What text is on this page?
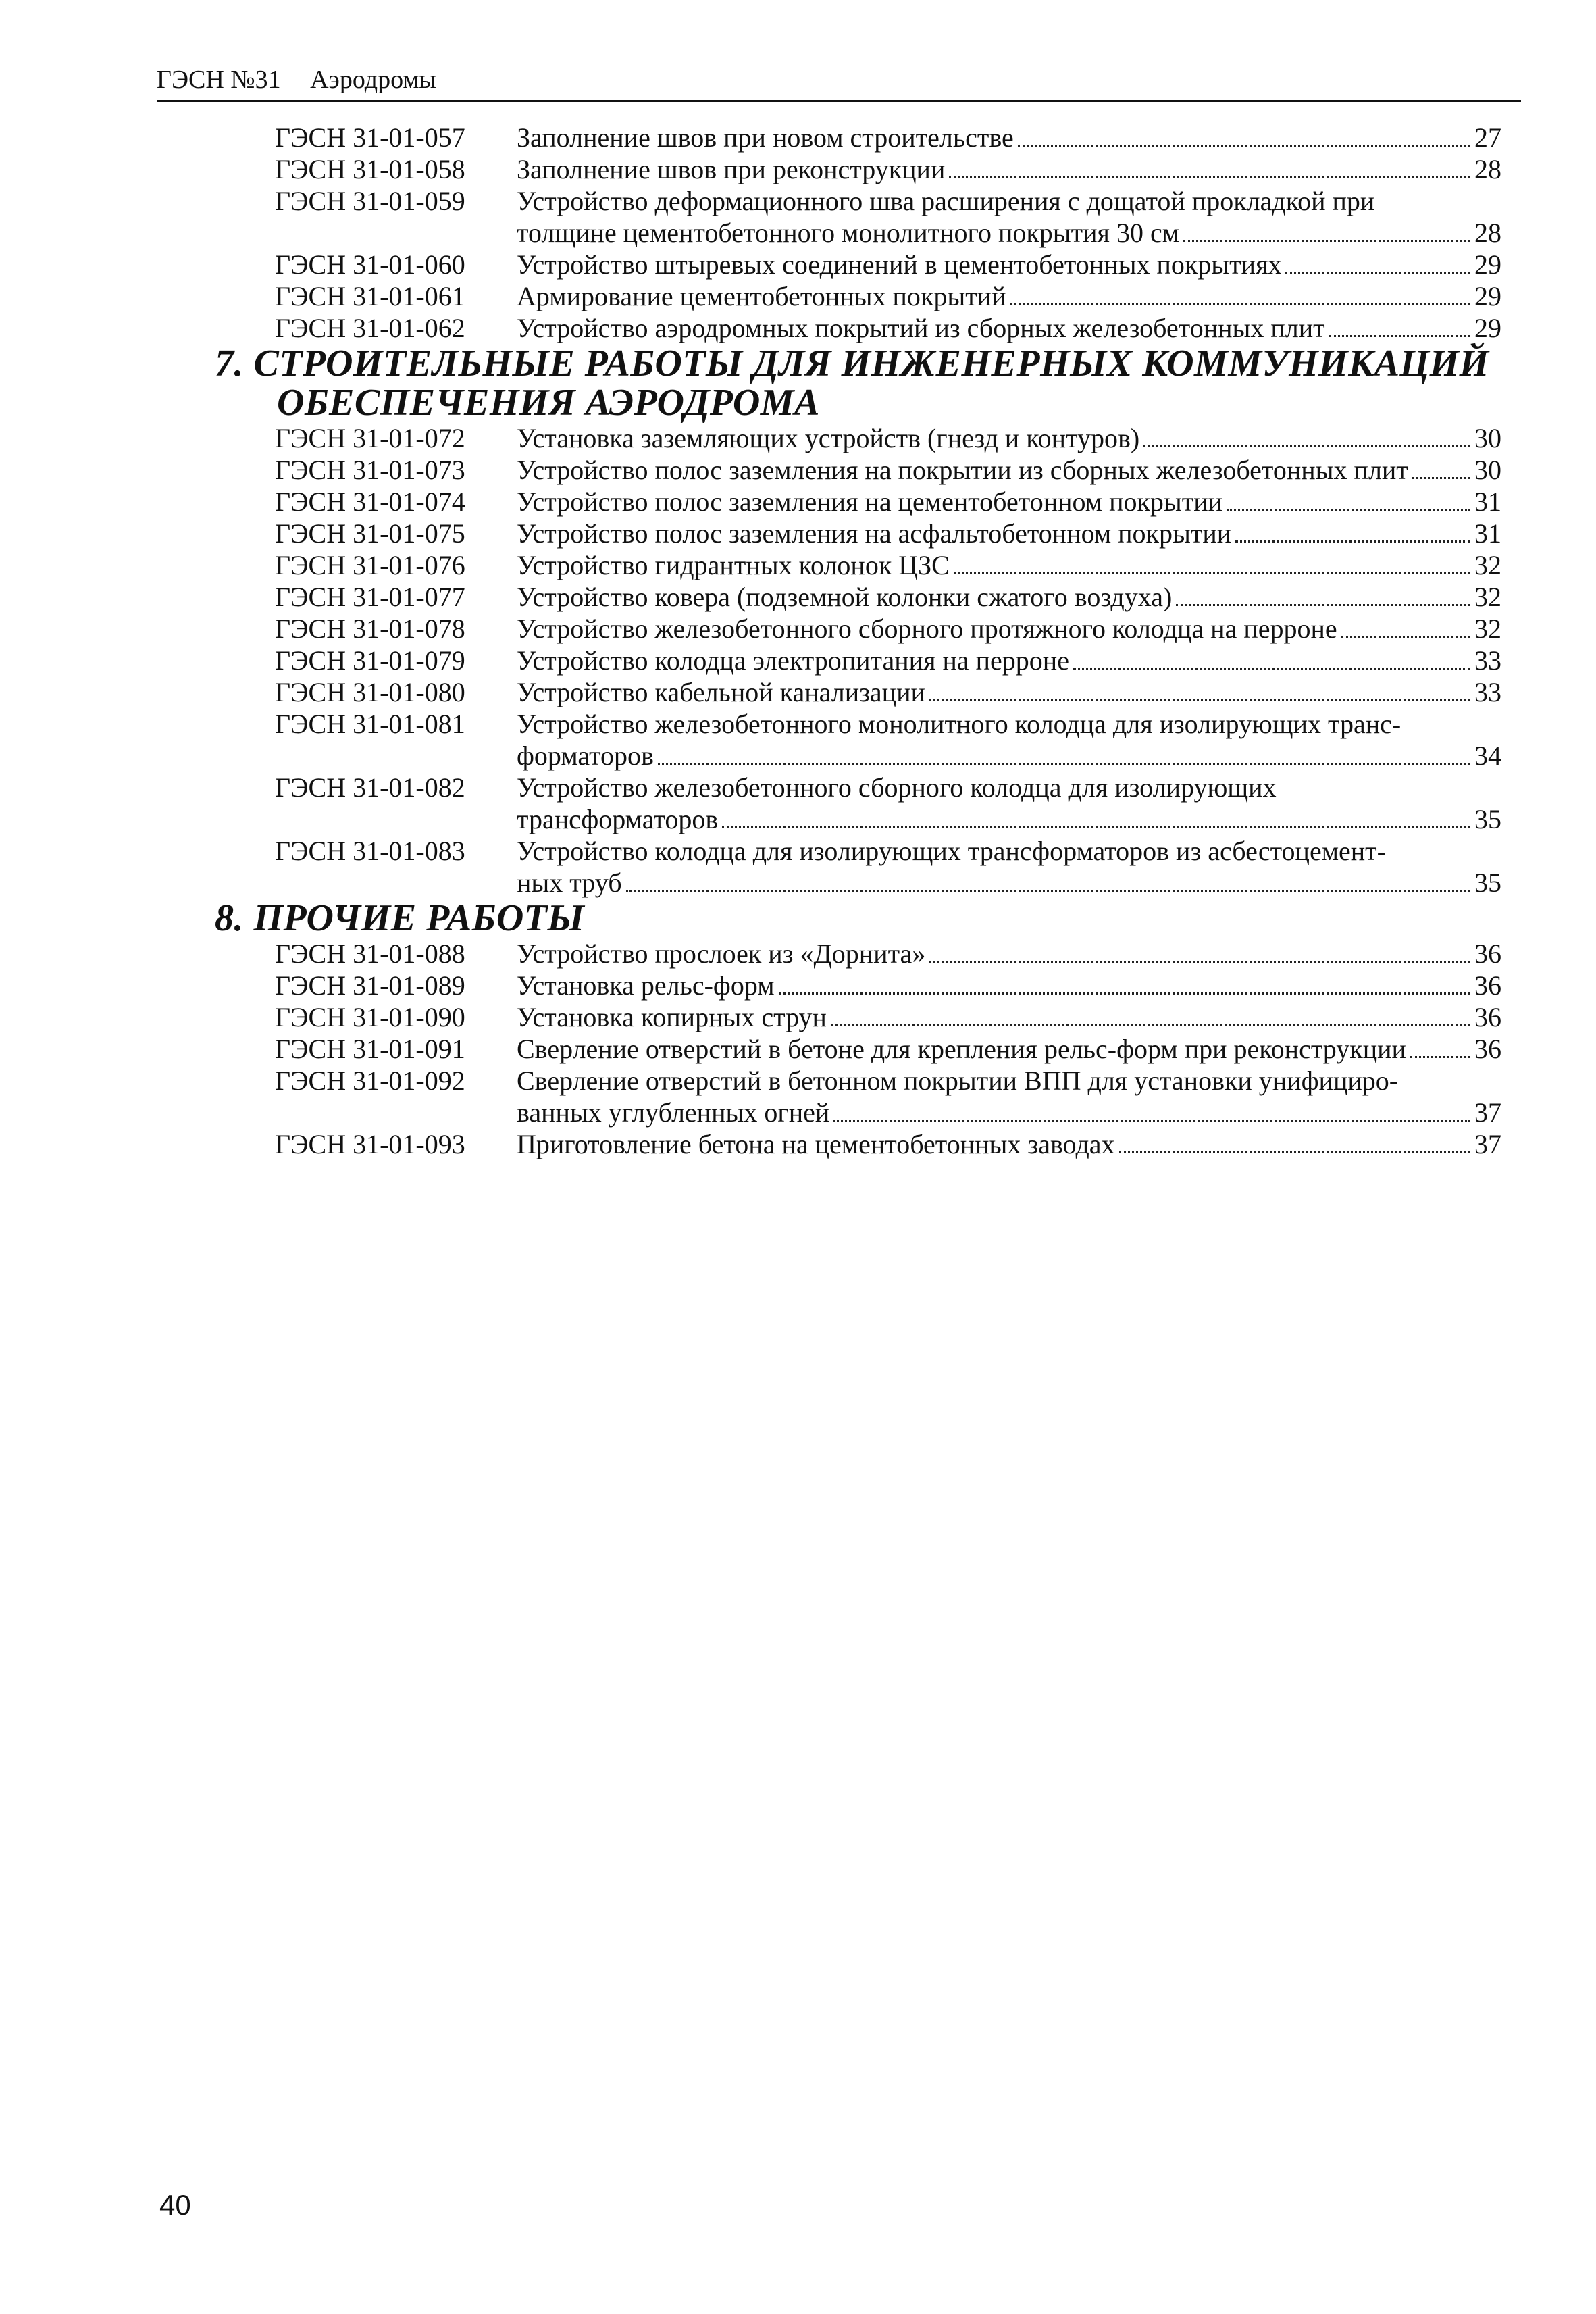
ГЭСН №31 Аэродромы
ГЭСН 31-01-057	Заполнение швов при новом строительстве	27
ГЭСН 31-01-058	Заполнение швов при реконструкции	28
ГЭСН 31-01-059	Устройство деформационного шва расширения с дощатой прокладкой при
толщине цементобетонного монолитного покрытия 30 см	28
ГЭСН 31-01-060	Устройство штыревых соединений в цементобетонных покрытиях	29
ГЭСН 31-01-061	Армирование цементобетонных покрытий	29
ГЭСН 31-01-062	Устройство аэродромных покрытий из сборных железобетонных плит	29
7. СТРОИТЕЛЬНЫЕ РАБОТЫ ДЛЯ ИНЖЕНЕРНЫХ КОММУНИКАЦИЙ
ОБЕСПЕЧЕНИЯ АЭРОДРОМА
ГЭСН 31-01-072	Установка заземляющих устройств (гнезд и контуров)	30
ГЭСН 31-01-073	Устройство полос заземления на покрытии из сборных железобетонных плит 30
ГЭСН 31-01-074	Устройство полос заземления на цементобетонном покрытии	31
ГЭСН 31-01-075	Устройство полос заземления на асфальтобетонном покрытии	31
ГЭСН 31-01-076	Устройство гидрантных колонок ЦЗС	32
ГЭСН 31-01-077	Устройство ковера (подземной колонки сжатого воздуха)	32
ГЭСН 31-01-078	Устройство железобетонного сборного протяжного колодца на перроне	32
ГЭСН 31-01-079	Устройство колодца электропитания на перроне	33
ГЭСН 31-01-080	Устройство кабельной канализации	33
ГЭСН 31-01-081	Устройство железобетонного монолитного колодца для изолирующих транс-
форматоров	34
ГЭСН 31-01-082	Устройство железобетонного сборного колодца для изолирующих
трансформаторов	35
ГЭСН 31-01-083	Устройство колодца для изолирующих трансформаторов из асбестоцемент-
ных труб	35
8. ПРОЧИЕ РАБОТЫ
ГЭСН 31-01-088	Устройство прослоек из «Дорнита»	36
ГЭСН 31-01-089	Установка рельс-форм	36
ГЭСН 31-01-090	Установка копирных струн	36
ГЭСН 31-01-091	Сверление отверстий в бетоне для крепления рельс-форм при реконструкции	36
ГЭСН 31-01-092	Сверление отверстий в бетонном покрытии ВПП для установки унифициро-
ванных углубленных огней	37
ГЭСН 31-01-093	Приготовление бетона на цементобетонных заводах	37
40
